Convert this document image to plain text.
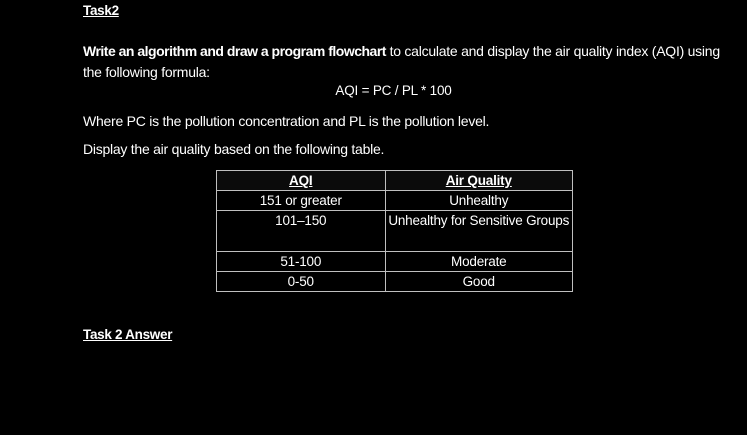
Task2
Write an algorithm and draw a program flowchart to calculate and display the air quality index (AQI) using the following formula:
AQI = PC / PL * 100
Where PC is the pollution concentration and PL is the pollution level.
Display the air quality based on the following table.
AQI	Air Quality
151 or greater	Unhealthy
101–150	Unhealthy for Sensitive Groups
51-100	Moderate
0-50	Good
Task 2 Answer
